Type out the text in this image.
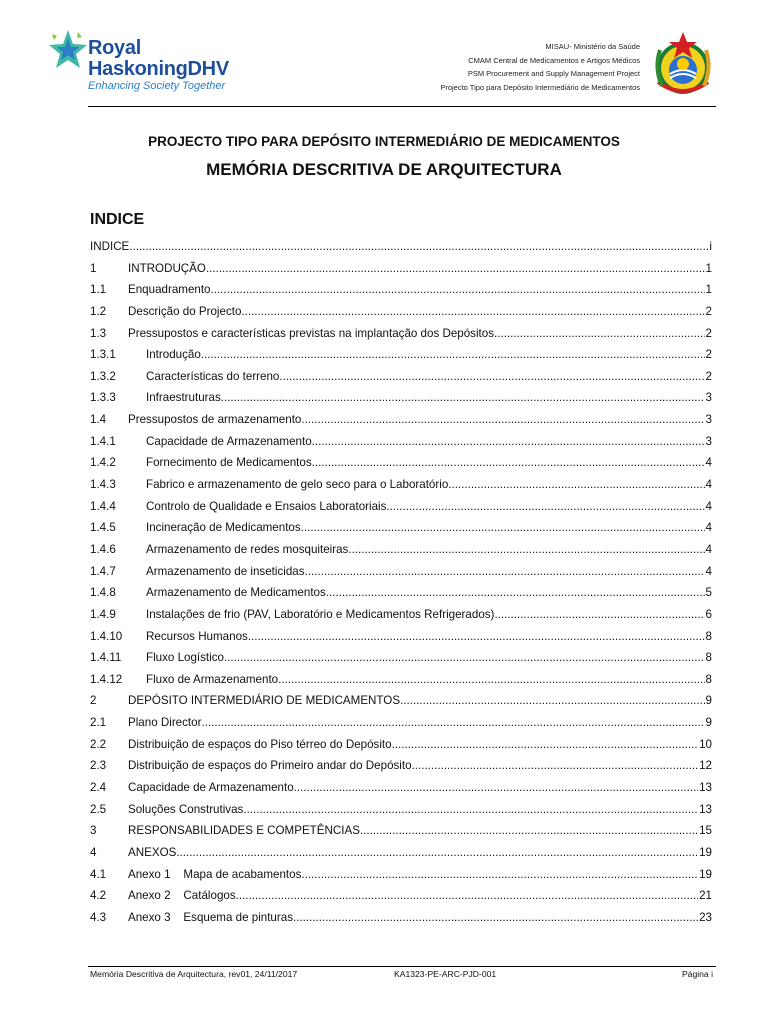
Royal
HaskoningDHV
Enhancing Society Together
MISAU- Ministério da Saúde
CMAM Central de Medicamentos e Artigos Médicos
PSM Procurement and Supply Management Project
Projecto Tipo para Depósito Intermediário de Medicamentos
PROJECTO TIPO PARA DEPÓSITO INTERMEDIÁRIO DE MEDICAMENTOS
MEMÓRIA DESCRITIVA DE ARQUITECTURA
INDICE
INDICE .....	i
1	INTRODUÇÃO .....	1
1.1 Enquadramento .....	1
1.2 Descrição do Projecto .....	2
1.3 Pressupostos e características previstas na implantação dos Depósitos .....	2
1.3.1	Introdução .....	2
1.3.2	Características do terreno .....	2
1.3.3	Infraestruturas .....	3
1.4 Pressupostos de armazenamento .....	3
1.4.1	Capacidade de Armazenamento .....	3
1.4.2	Fornecimento de Medicamentos .....	4
1.4.3	Fabrico e armazenamento de gelo seco para o Laboratório .....	4
1.4.4	Controlo de Qualidade e Ensaios Laboratoriais .....	4
1.4.5	Incineração de Medicamentos .....	4
1.4.6	Armazenamento de redes mosquiteiras .....	4
1.4.7	Armazenamento de inseticidas .....	4
1.4.8	Armazenamento de Medicamentos .....	5
1.4.9	Instalações de frio (PAV, Laboratório e Medicamentos Refrigerados) .....	6
1.4.10 Recursos Humanos .....	8
1.4.11 Fluxo Logístico .....	8
1.4.12 Fluxo de Armazenamento .....	8
2	DEPÓSITO INTERMEDIÁRIO DE MEDICAMENTOS .....	9
2.1 Plano Director .....	9
2.2 Distribuição de espaços do Piso térreo do Depósito .....	10
2.3 Distribuição de espaços do Primeiro andar do Depósito .....	12
2.4 Capacidade de Armazenamento .....	13
2.5 Soluções Construtivas .....	13
3	RESPONSABILIDADES E COMPETÊNCIAS .....	15
4	ANEXOS .....	19
4.1 Anexo 1    Mapa de acabamentos .....	19
4.2 Anexo 2    Catálogos .....	21
4.3 Anexo 3    Esquema de pinturas .....	23
Memória Descritiva de Arquitectura, rev01, 24/11/2017	KA1323-PE-ARC-PJD-001	Página i
